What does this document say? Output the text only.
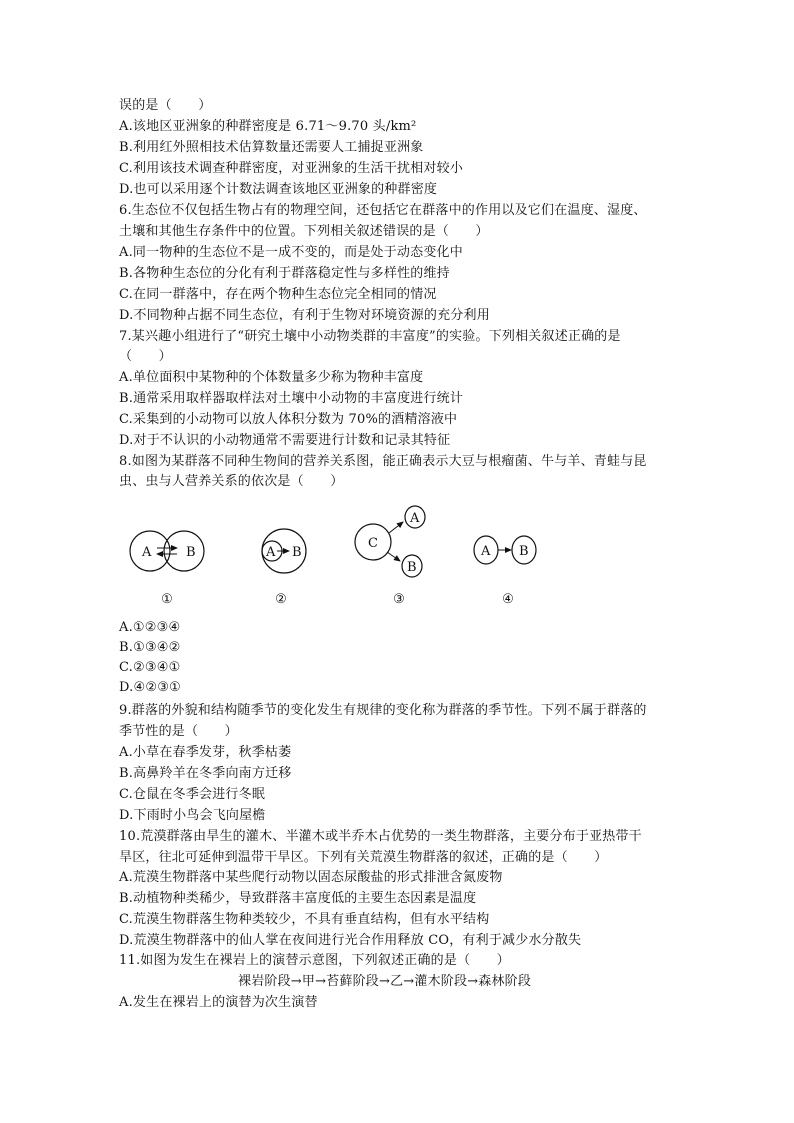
误的是（　　）
A.该地区亚洲象的种群密度是 6.71～9.70 头/km²
B.利用红外照相技术估算数量还需要人工捕捉亚洲象
C.利用该技术调查种群密度，对亚洲象的生活干扰相对较小
D.也可以采用逐个计数法调查该地区亚洲象的种群密度
6.生态位不仅包括生物占有的物理空间，还包括它在群落中的作用以及它们在温度、湿度、
土壤和其他生存条件中的位置。下列相关叙述错误的是（　　）
A.同一物种的生态位不是一成不变的，而是处于动态变化中
B.各物种生态位的分化有利于群落稳定性与多样性的维持
C.在同一群落中，存在两个物种生态位完全相同的情况
D.不同物种占据不同生态位，有利于生物对环境资源的充分利用
7.某兴趣小组进行了“研究土壤中小动物类群的丰富度”的实验。下列相关叙述正确的是
（　　）
A.单位面积中某物种的个体数量多少称为物种丰富度
B.通常采用取样器取样法对土壤中小动物的丰富度进行统计
C.采集到的小动物可以放人体积分数为 70%的酒精溶液中
D.对于不认识的小动物通常不需要进行计数和记录其特征
8.如图为某群落不同种生物间的营养关系图，能正确表示大豆与根瘤菌、牛与羊、青蛙与昆
虫、虫与人营养关系的依次是（　　）
A	B
①
A B
②
C
A
B
③
A B
④
A.①②③④
B.①③④②
C.②③④①
D.④②③①
9.群落的外貌和结构随季节的变化发生有规律的变化称为群落的季节性。下列不属于群落的
季节性的是（　　）
A.小草在春季发芽，秋季枯萎
B.高鼻羚羊在冬季向南方迁移
C.仓鼠在冬季会进行冬眠
D.下雨时小鸟会飞向屋檐
10.荒漠群落由旱生的灌木、半灌木或半乔木占优势的一类生物群落，主要分布于亚热带干
旱区，往北可延伸到温带干旱区。下列有关荒漠生物群落的叙述，正确的是（　　）
A.荒漠生物群落中某些爬行动物以固态尿酸盐的形式排泄含氮废物
B.动植物种类稀少，导致群落丰富度低的主要生态因素是温度
C.荒漠生物群落生物种类较少，不具有垂直结构，但有水平结构
D.荒漠生物群落中的仙人掌在夜间进行光合作用释放 CO，有利于减少水分散失
11.如图为发生在裸岩上的演替示意图，下列叙述正确的是（　　）
裸岩阶段→甲→苔藓阶段→乙→灌木阶段→森林阶段
A.发生在裸岩上的演替为次生演替
